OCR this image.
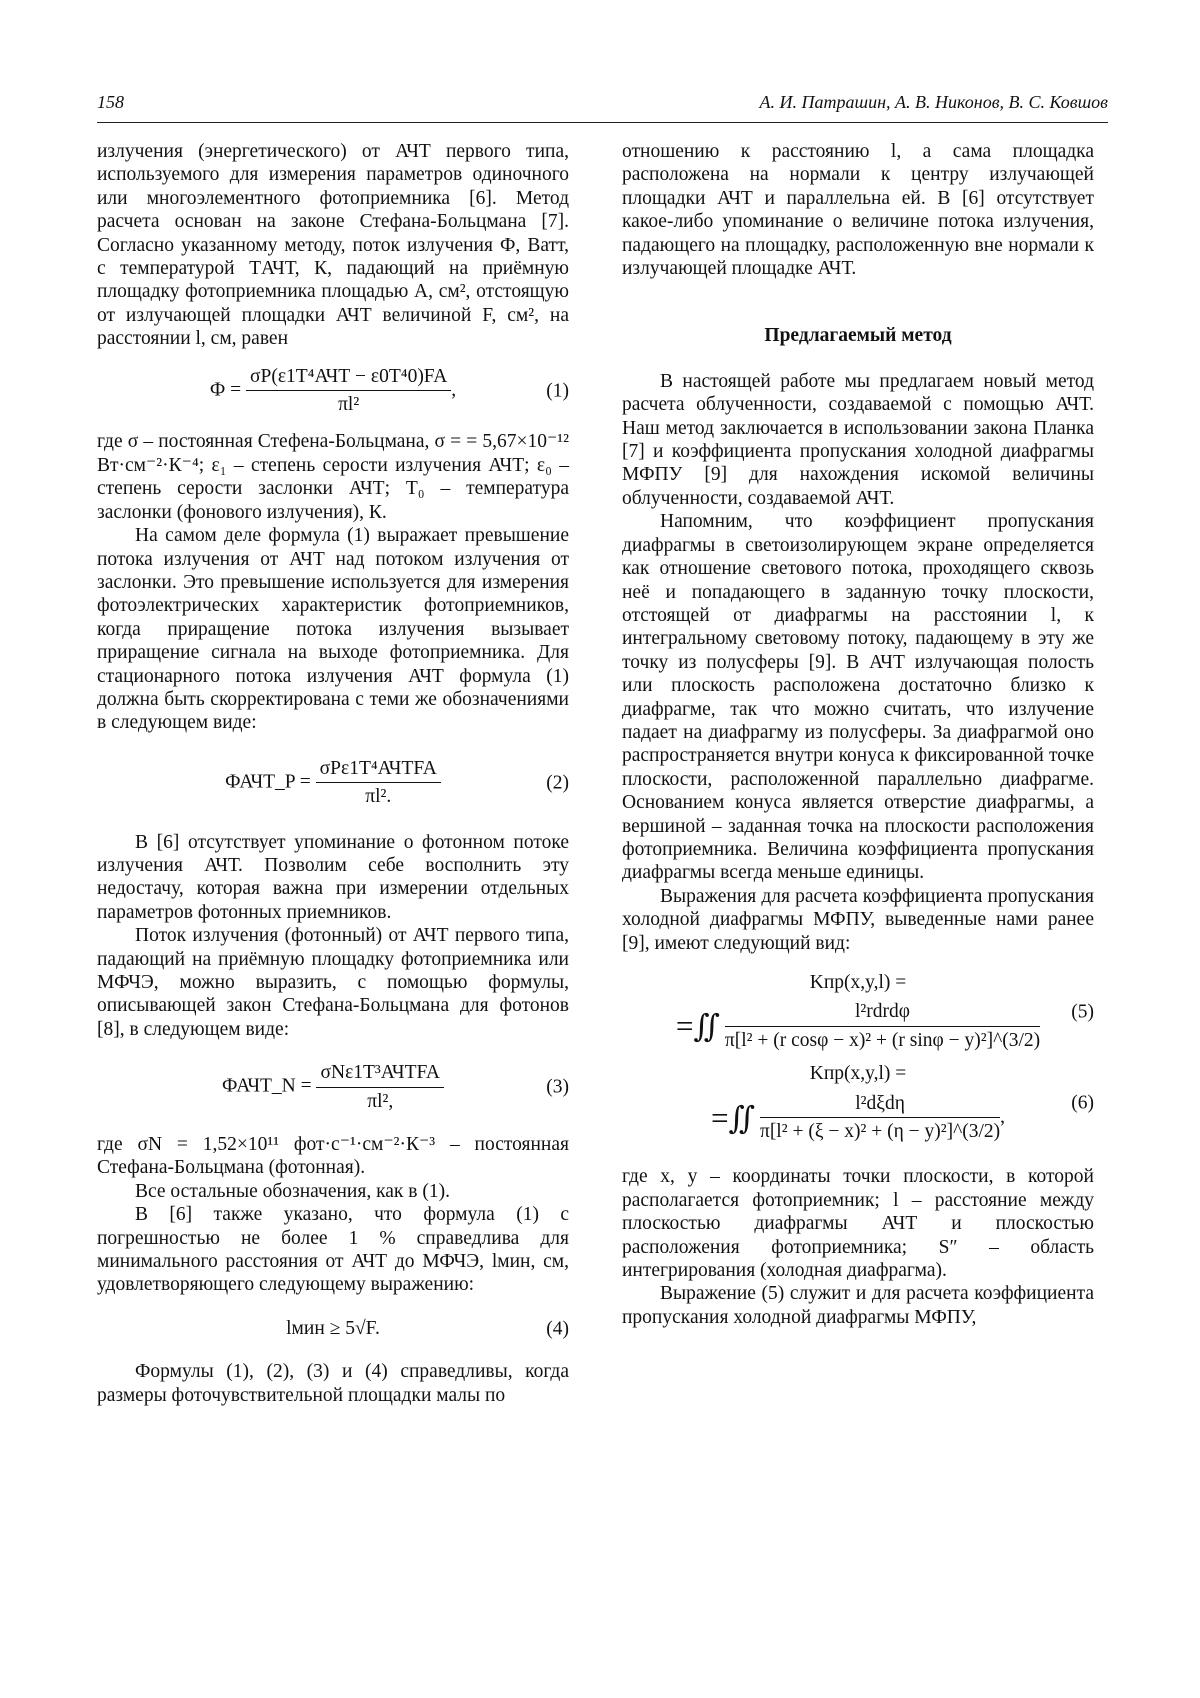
158	А. И. Патрашин, А. В. Никонов, В. С. Ковшов

излучения (энергетического) от АЧТ первого типа, используемого для измерения параметров одиночного или многоэлементного фотоприемника [6]. Метод расчета основан на законе Стефана-Больцмана [7]. Согласно указанному методу, поток излучения Ф, Ватт, с температурой TАЧТ, К, падающий на приёмную площадку фотоприемника площадью A, см², отстоящую от излучающей площадки АЧТ величиной F, см², на расстоянии l, см, равен

$Ф = \frac{\text{σP(ε1T⁴АЧТ − ε0T⁴0)FA}}{\text{πl²}}$ ,	(1)

где σ – постоянная Стефена-Больцмана, σ = = 5,67×10⁻¹² Вт·см⁻²·К⁻⁴; ε₁ – степень серости излучения АЧТ; ε₀ – степень серости заслонки АЧТ; T₀ – температура заслонки (фонового излучения), К.

На самом деле формула (1) выражает превышение потока излучения от АЧТ над потоком излучения от заслонки. Это превышение используется для измерения фотоэлектрических характеристик фотоприемников, когда приращение потока излучения вызывает приращение сигнала на выходе фотоприемника. Для стационарного потока излучения АЧТ формула (1) должна быть скорректирована с теми же обозначениями в следующем виде:

ФАЧТ_P = $\frac{\text{σPε1T⁴АЧТFA}}{\text{πl².}}$	(2)

В [6] отсутствует упоминание о фотонном потоке излучения АЧТ. Позволим себе восполнить эту недостачу, которая важна при измерении отдельных параметров фотонных приемников.

Поток излучения (фотонный) от АЧТ первого типа, падающий на приёмную площадку фотоприемника или МФЧЭ, можно выразить, с помощью формулы, описывающей закон Стефана-Больцмана для фотонов [8], в следующем виде:

ФАЧТ_N = $\frac{\text{σNε1T³АЧТFA}}{\text{πl²,}}$	(3)

где σN = 1,52×10¹¹ фот·с⁻¹·см⁻²·К⁻³ – постоянная Стефана-Больцмана (фотонная).

Все остальные обозначения, как в (1).

В [6] также указано, что формула (1) с погрешностью не более 1 % справедлива для минимального расстояния от АЧТ до МФЧЭ, lмин, см, удовлетворяющего следующему выражению:

lмин ≥ 5√F.	(4)

Формулы (1), (2), (3) и (4) справедливы, когда размеры фоточувствительной площадки малы по

отношению к расстоянию l, а сама площадка расположена на нормали к центру излучающей площадки АЧТ и параллельна ей. В [6] отсутствует какое-либо упоминание о величине потока излучения, падающего на площадку, расположенную вне нормали к излучающей площадке АЧТ.

Предлагаемый метод

В настоящей работе мы предлагаем новый метод расчета облученности, создаваемой с помощью АЧТ. Наш метод заключается в использовании закона Планка [7] и коэффициента пропускания холодной диафрагмы МФПУ [9] для нахождения искомой величины облученности, создаваемой АЧТ.

Напомним, что коэффициент пропускания диафрагмы в светоизолирующем экране определяется как отношение светового потока, проходящего сквозь неё и попадающего в заданную точку плоскости, отстоящей от диафрагмы на расстоянии l, к интегральному световому потоку, падающему в эту же точку из полусферы [9]. В АЧТ излучающая полость или плоскость расположена достаточно близко к диафрагме, так что можно считать, что излучение падает на диафрагму из полусферы. За диафрагмой оно распространяется внутри конуса к фиксированной точке плоскости, расположенной параллельно диафрагме. Основанием конуса является отверстие диафрагмы, а вершиной – заданная точка на плоскости расположения фотоприемника. Величина коэффициента пропускания диафрагмы всегда меньше единицы.

Выражения для расчета коэффициента пропускания холодной диафрагмы МФПУ, выведенные нами ранее [9], имеют следующий вид:

Kпр(x,y,l) =
=∬ $\frac{\text{l²rdrdφ}}{\text{π[l² + (r cosφ − x)² + (r sinφ − y)²]\textasciicircum{}(3/2)}} (5)$
Kпр(x,y,l) =
=∬ $\frac{\text{l²dξdη}}{\text{π[l² + (ξ − x)² + (η − y)²]\textasciicircum{}(3/2)}}$ ,
(6)

где x, y – координаты точки плоскости, в которой располагается фотоприемник; l – расстояние между плоскостью диафрагмы АЧТ и плоскостью расположения фотоприемника; S″ – область интегрирования (холодная диафрагма).

Выражение (5) служит и для расчета коэффициента пропускания холодной диафрагмы МФПУ,
